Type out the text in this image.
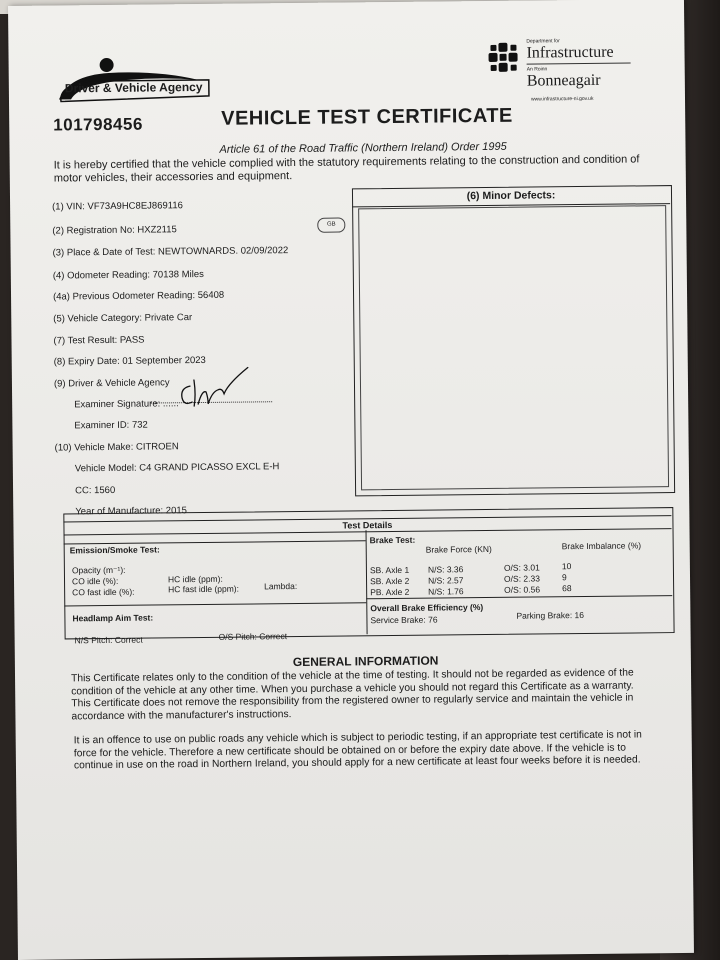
Driver & Vehicle Agency
Department for
Infrastructure
An Roinn
Bonneagair
www.infrastructure-ni.gov.uk
101798456	VEHICLE TEST CERTIFICATE
Article 61 of the Road Traffic (Northern Ireland) Order 1995
It is hereby certified that the vehicle complied with the statutory requirements relating to the construction and condition of motor vehicles, their accessories and equipment.
(1) VIN: VF73A9HC8EJ869116
(2) Registration No: HXZ2115	GB
(3) Place & Date of Test: NEWTOWNARDS. 02/09/2022
(4) Odometer Reading: 70138 Miles
(4a) Previous Odometer Reading: 56408
(5) Vehicle Category: Private Car
(7) Test Result: PASS
(8) Expiry Date: 01 September 2023
(9) Driver & Vehicle Agency
Examiner Signature: ......
Examiner ID: 732
(10) Vehicle Make: CITROEN
Vehicle Model: C4 GRAND PICASSO EXCL E-H
CC: 1560
Year of Manufacture: 2015
(6) Minor Defects:
Test Details
Emission/Smoke Test:
Opacity (m⁻¹):
CO idle (%):
CO fast idle (%):
HC idle (ppm):
HC fast idle (ppm):	Lambda:
Headlamp Aim Test:
N/S Pitch: Correct	O/S Pitch: Correct
Brake Test:
Brake Force (KN)	Brake Imbalance (%)
SB. Axle 1 N/S: 3.36	O/S: 3.01	10
SB. Axle 2 N/S: 2.57	O/S: 2.33	9
PB. Axle 2 N/S: 1.76	O/S: 0.56	68
Overall Brake Efficiency (%)
Service Brake: 76	Parking Brake: 16
GENERAL INFORMATION
This Certificate relates only to the condition of the vehicle at the time of testing. It should not be regarded as evidence of the condition of the vehicle at any other time. When you purchase a vehicle you should not regard this Certificate as a warranty. This Certificate does not remove the responsibility from the registered owner to regularly service and maintain the vehicle in accordance with the manufacturer's instructions.
It is an offence to use on public roads any vehicle which is subject to periodic testing, if an appropriate test certificate is not in force for the vehicle. Therefore a new certificate should be obtained on or before the expiry date above. If the vehicle is to continue in use on the road in Northern Ireland, you should apply for a new certificate at least four weeks before it is needed.
